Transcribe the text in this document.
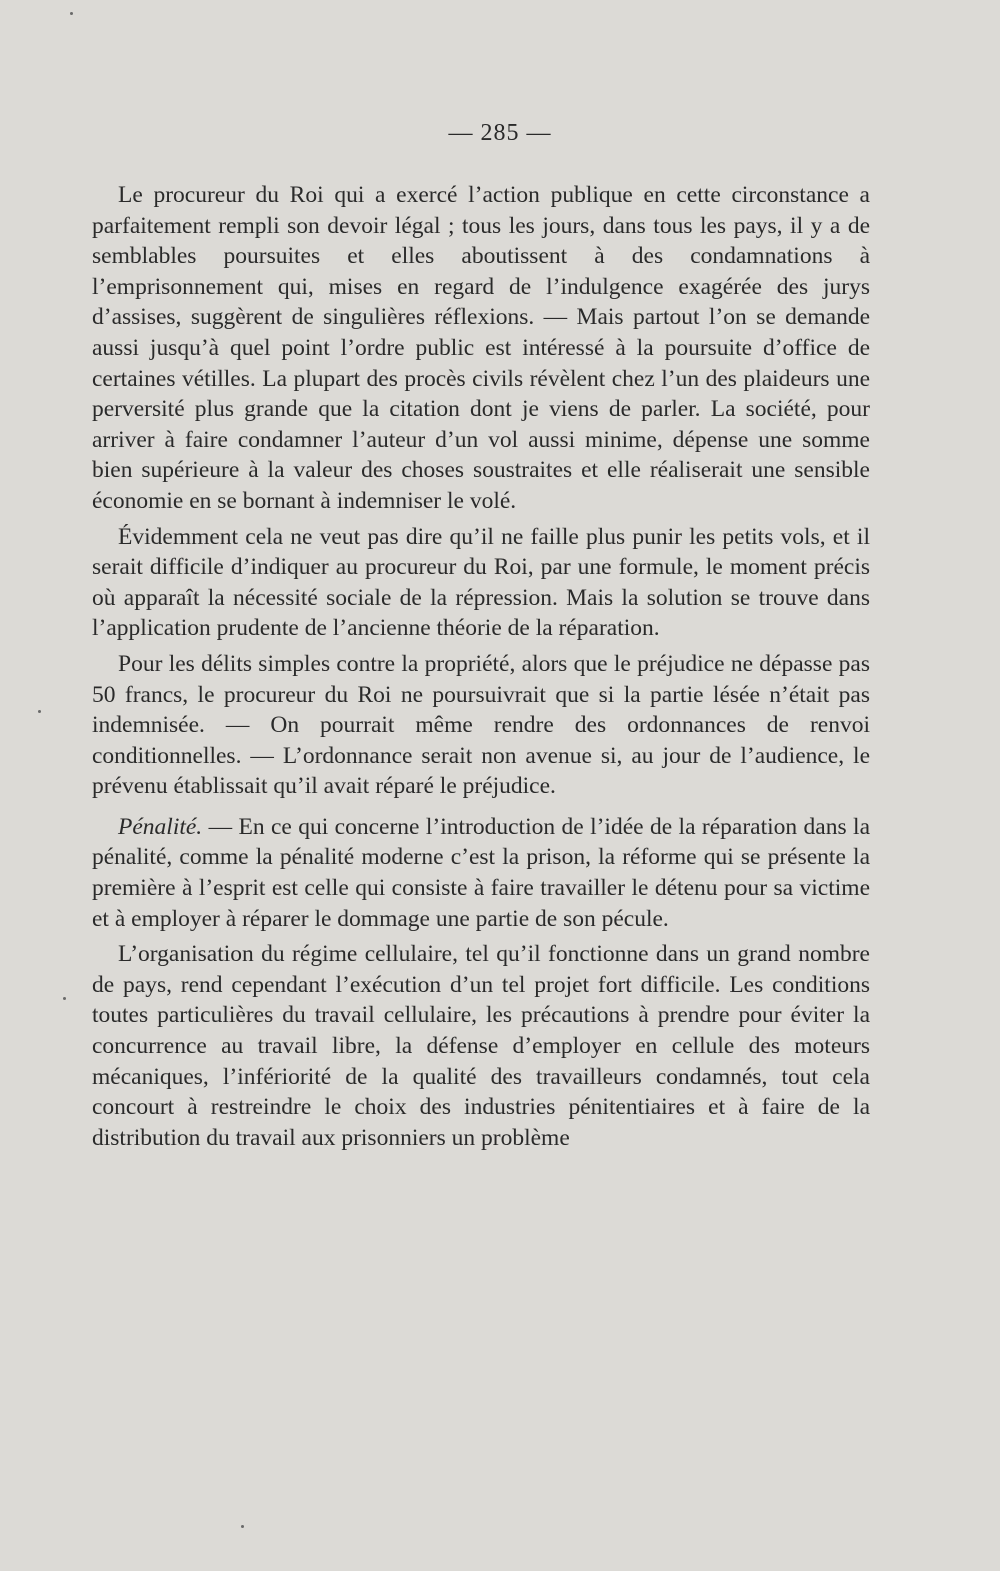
— 285 —

Le procureur du Roi qui a exercé l’action publique en cette circonstance a parfaitement rempli son devoir légal ; tous les jours, dans tous les pays, il y a de semblables poursuites et elles aboutissent à des condamnations à l’emprisonnement qui, mises en regard de l’indulgence exagérée des jurys d’assises, suggèrent de singulières réflexions. — Mais partout l’on se demande aussi jusqu’à quel point l’ordre public est intéressé à la poursuite d’office de certaines vétilles. La plupart des procès civils révèlent chez l’un des plaideurs une perversité plus grande que la citation dont je viens de parler. La société, pour arriver à faire condamner l’auteur d’un vol aussi minime, dépense une somme bien supérieure à la valeur des choses soustraites et elle réaliserait une sensible économie en se bornant à indemniser le volé.

Évidemment cela ne veut pas dire qu’il ne faille plus punir les petits vols, et il serait difficile d’indiquer au procureur du Roi, par une formule, le moment précis où apparaît la nécessité sociale de la répression. Mais la solution se trouve dans l’application prudente de l’ancienne théorie de la réparation.

Pour les délits simples contre la propriété, alors que le préjudice ne dépasse pas 50 francs, le procureur du Roi ne poursuivrait que si la partie lésée n’était pas indemnisée. — On pourrait même rendre des ordonnances de renvoi conditionnelles. — L’ordonnance serait non avenue si, au jour de l’audience, le prévenu établissait qu’il avait réparé le préjudice.

Pénalité. — En ce qui concerne l’introduction de l’idée de la réparation dans la pénalité, comme la pénalité moderne c’est la prison, la réforme qui se présente la première à l’esprit est celle qui consiste à faire travailler le détenu pour sa victime et à employer à réparer le dommage une partie de son pécule.

L’organisation du régime cellulaire, tel qu’il fonctionne dans un grand nombre de pays, rend cependant l’exécution d’un tel projet fort difficile. Les conditions toutes particulières du travail cellulaire, les précautions à prendre pour éviter la concurrence au travail libre, la défense d’employer en cellule des moteurs mécaniques, l’infériorité de la qualité des travailleurs condamnés, tout cela concourt à restreindre le choix des industries pénitentiaires et à faire de la distribution du travail aux prisonniers un problème
